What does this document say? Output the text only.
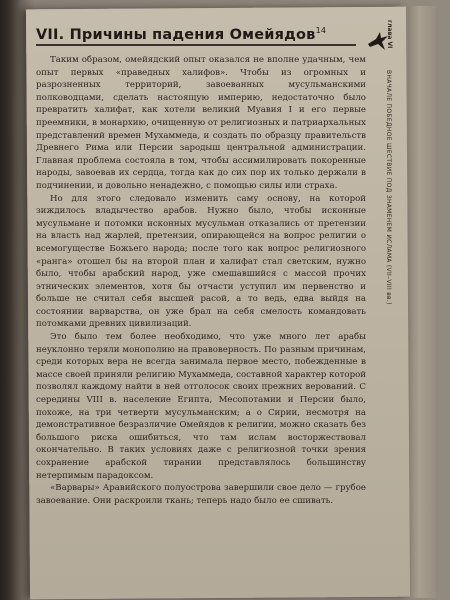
VII. Причины падения Омейядов$^{14}$	глава VI
ВНАЧАЛЕ ПОБЕДНОЕ ШЕСТВИЕ ПОД ЗНАМЕНЕМ ИСЛАМА (VII–VIII вв.)

Таким образом, омейядский опыт оказался не вполне удачным, чем опыт первых «праведных халифов». Чтобы из огромных и разрозненных территорий, завоеванных мусульманскими полководцами, сделать настоящую империю, недостаточно было превратить халифат, как хотели великий Муавия I и его первые преемники, в монархию, очищенную от религиозных и патриархальных представлений времен Мухаммеда, и создать по образцу правительств Древнего Рима или Персии зародыш центральной администрации. Главная проблема состояла в том, чтобы ассимилировать покоренные народы, завоевав их сердца, тогда как до сих пор их только держали в подчинении, и довольно ненадежно, с помощью силы или страха.

Но для этого следовало изменить саму основу, на которой зиждилось владычество арабов. Нужно было, чтобы исконные мусульмане и потомки исконных мусульман отказались от претензии на власть над жарлей, претензии, опирающейся на вопрос религии о всемогуществе Божьего народа; после того как вопрос религиозного «ранга» отошел бы на второй план и халифат стал светским, нужно было, чтобы арабский народ, уже смешавшийся с массой прочих этнических элементов, хотя бы отчасти уступил им первенство и больше не считал себя высшей расой, а то ведь, едва выйдя на состоянии варварства, он уже брал на себя смелость командовать потомками древних цивилизаций.

Это было тем более необходимо, что уже много лет арабы неуклонно теряли монополию на правоверность. По разным причинам, среди которых вера не всегда занимала первое место, побежденные в массе своей приняли религию Мухаммеда, составной характер которой позволял каждому найти в ней отголосок своих прежних верований. С середины VIII в. население Египта, Месопотамии и Персии было, похоже, на три четверти мусульманским; а о Сирии, несмотря на демонстративное безразличие Омейядов к религии, можно сказать без большого риска ошибиться, что там ислам восторжествовал окончательно. В таких условиях даже с религиозной точки зрения сохранение арабской тирании представлялось большинству нетерпимым парадоксом.

«Варвары» Аравийского полуострова завершили свое дело — грубое завоевание. Они раскроили ткань; теперь надо было ее сшивать.
